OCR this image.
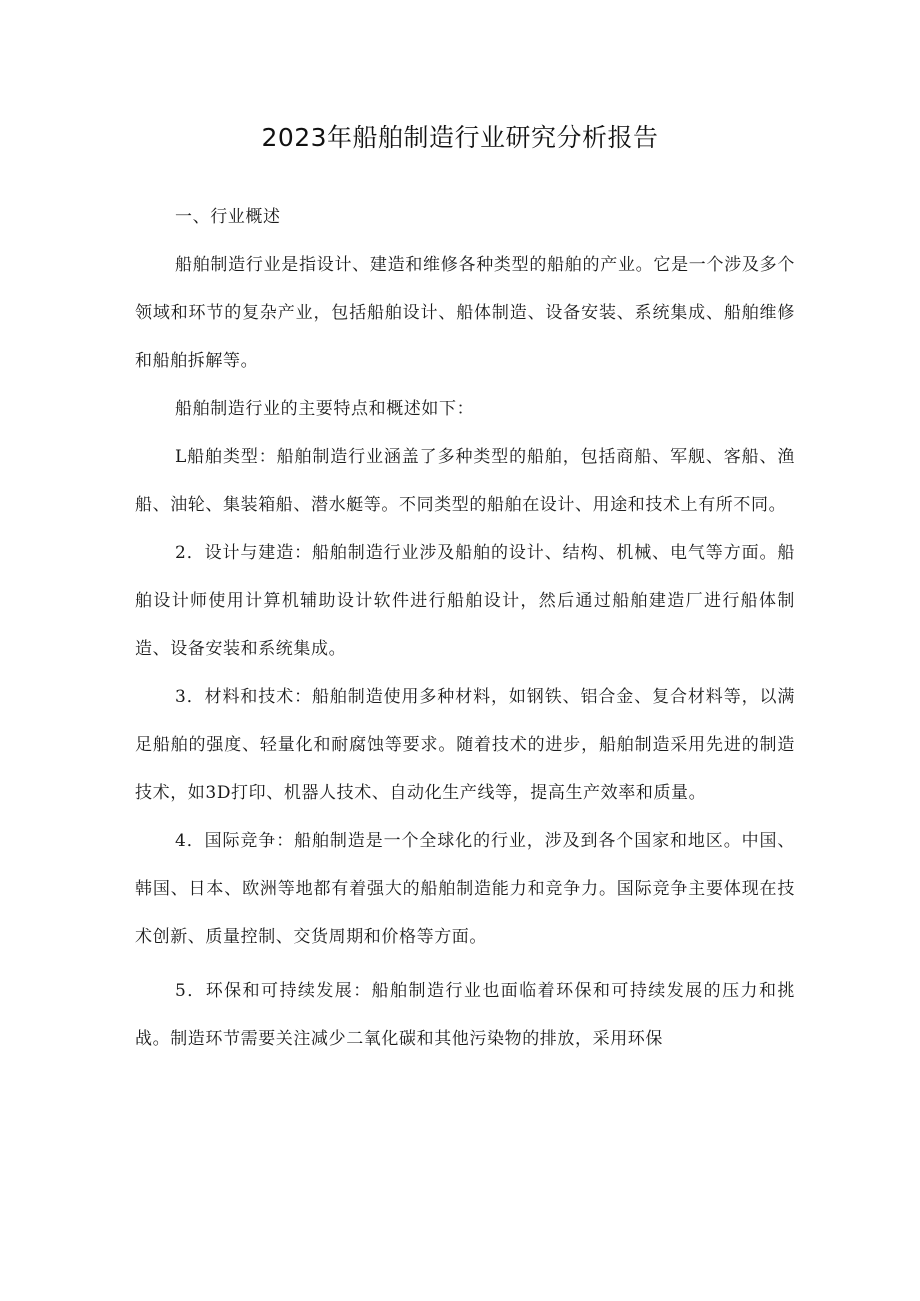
2023年船舶制造行业研究分析报告

一、行业概述

船舶制造行业是指设计、建造和维修各种类型的船舶的产业。它是一个涉及多个领域和环节的复杂产业，包括船舶设计、船体制造、设备安装、系统集成、船舶维修和船舶拆解等。

船舶制造行业的主要特点和概述如下：

L船舶类型：船舶制造行业涵盖了多种类型的船舶，包括商船、军舰、客船、渔船、油轮、集装箱船、潜水艇等。不同类型的船舶在设计、用途和技术上有所不同。

2．设计与建造：船舶制造行业涉及船舶的设计、结构、机械、电气等方面。船舶设计师使用计算机辅助设计软件进行船舶设计，然后通过船舶建造厂进行船体制造、设备安装和系统集成。

3．材料和技术：船舶制造使用多种材料，如钢铁、铝合金、复合材料等，以满足船舶的强度、轻量化和耐腐蚀等要求。随着技术的进步，船舶制造采用先进的制造技术，如3D打印、机器人技术、自动化生产线等，提高生产效率和质量。

4．国际竞争：船舶制造是一个全球化的行业，涉及到各个国家和地区。中国、韩国、日本、欧洲等地都有着强大的船舶制造能力和竞争力。国际竞争主要体现在技术创新、质量控制、交货周期和价格等方面。

5．环保和可持续发展：船舶制造行业也面临着环保和可持续发展的压力和挑战。制造环节需要关注减少二氧化碳和其他污染物的排放，采用环保
